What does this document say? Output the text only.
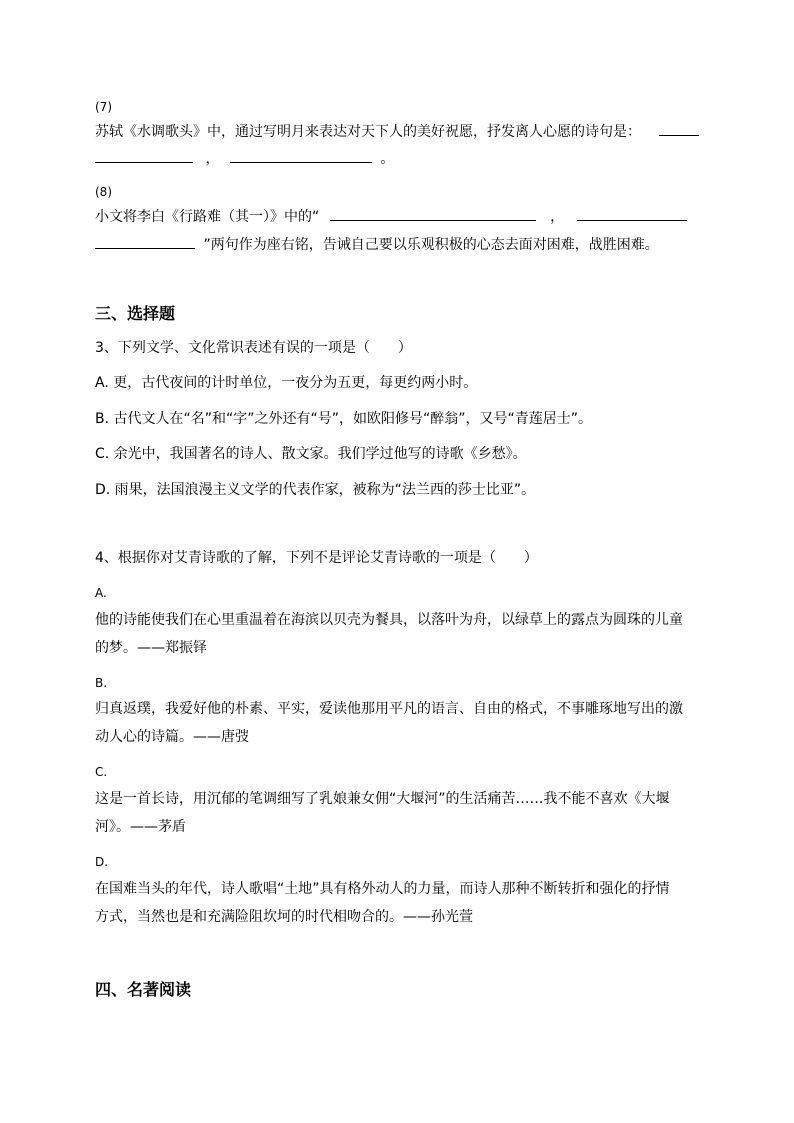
(7)
苏轼《水调歌头》中，通过写明月来表达对天下人的美好祝愿，抒发离人心愿的诗句是：
，	。
(8)
小文将李白《行路难（其一）》中的“	，
”两句作为座右铭，告诫自己要以乐观积极的心态去面对困难，战胜困难。
三、选择题
3、下列文学、文化常识表述有误的一项是（　　）
A. 更，古代夜间的计时单位，一夜分为五更，每更约两小时。
B. 古代文人在“名”和“字”之外还有“号”，如欧阳修号“醉翁”，又号“青莲居士”。
C. 余光中，我国著名的诗人、散文家。我们学过他写的诗歌《乡愁》。
D. 雨果，法国浪漫主义文学的代表作家，被称为“法兰西的莎士比亚”。
4、根据你对艾青诗歌的了解，下列不是评论艾青诗歌的一项是（　　）
A.
他的诗能使我们在心里重温着在海滨以贝壳为餐具，以落叶为舟，以绿草上的露点为圆珠的儿童
的梦。——郑振铎
B.
归真返璞，我爱好他的朴素、平实，爱读他那用平凡的语言、自由的格式，不事雕琢地写出的激
动人心的诗篇。——唐弢
C.
这是一首长诗，用沉郁的笔调细写了乳娘兼女佣“大堰河”的生活痛苦……我不能不喜欢《大堰
河》。——茅盾
D.
在国难当头的年代，诗人歌唱“土地”具有格外动人的力量，而诗人那种不断转折和强化的抒情
方式，当然也是和充满险阻坎坷的时代相吻合的。——孙光萱
四、名著阅读
